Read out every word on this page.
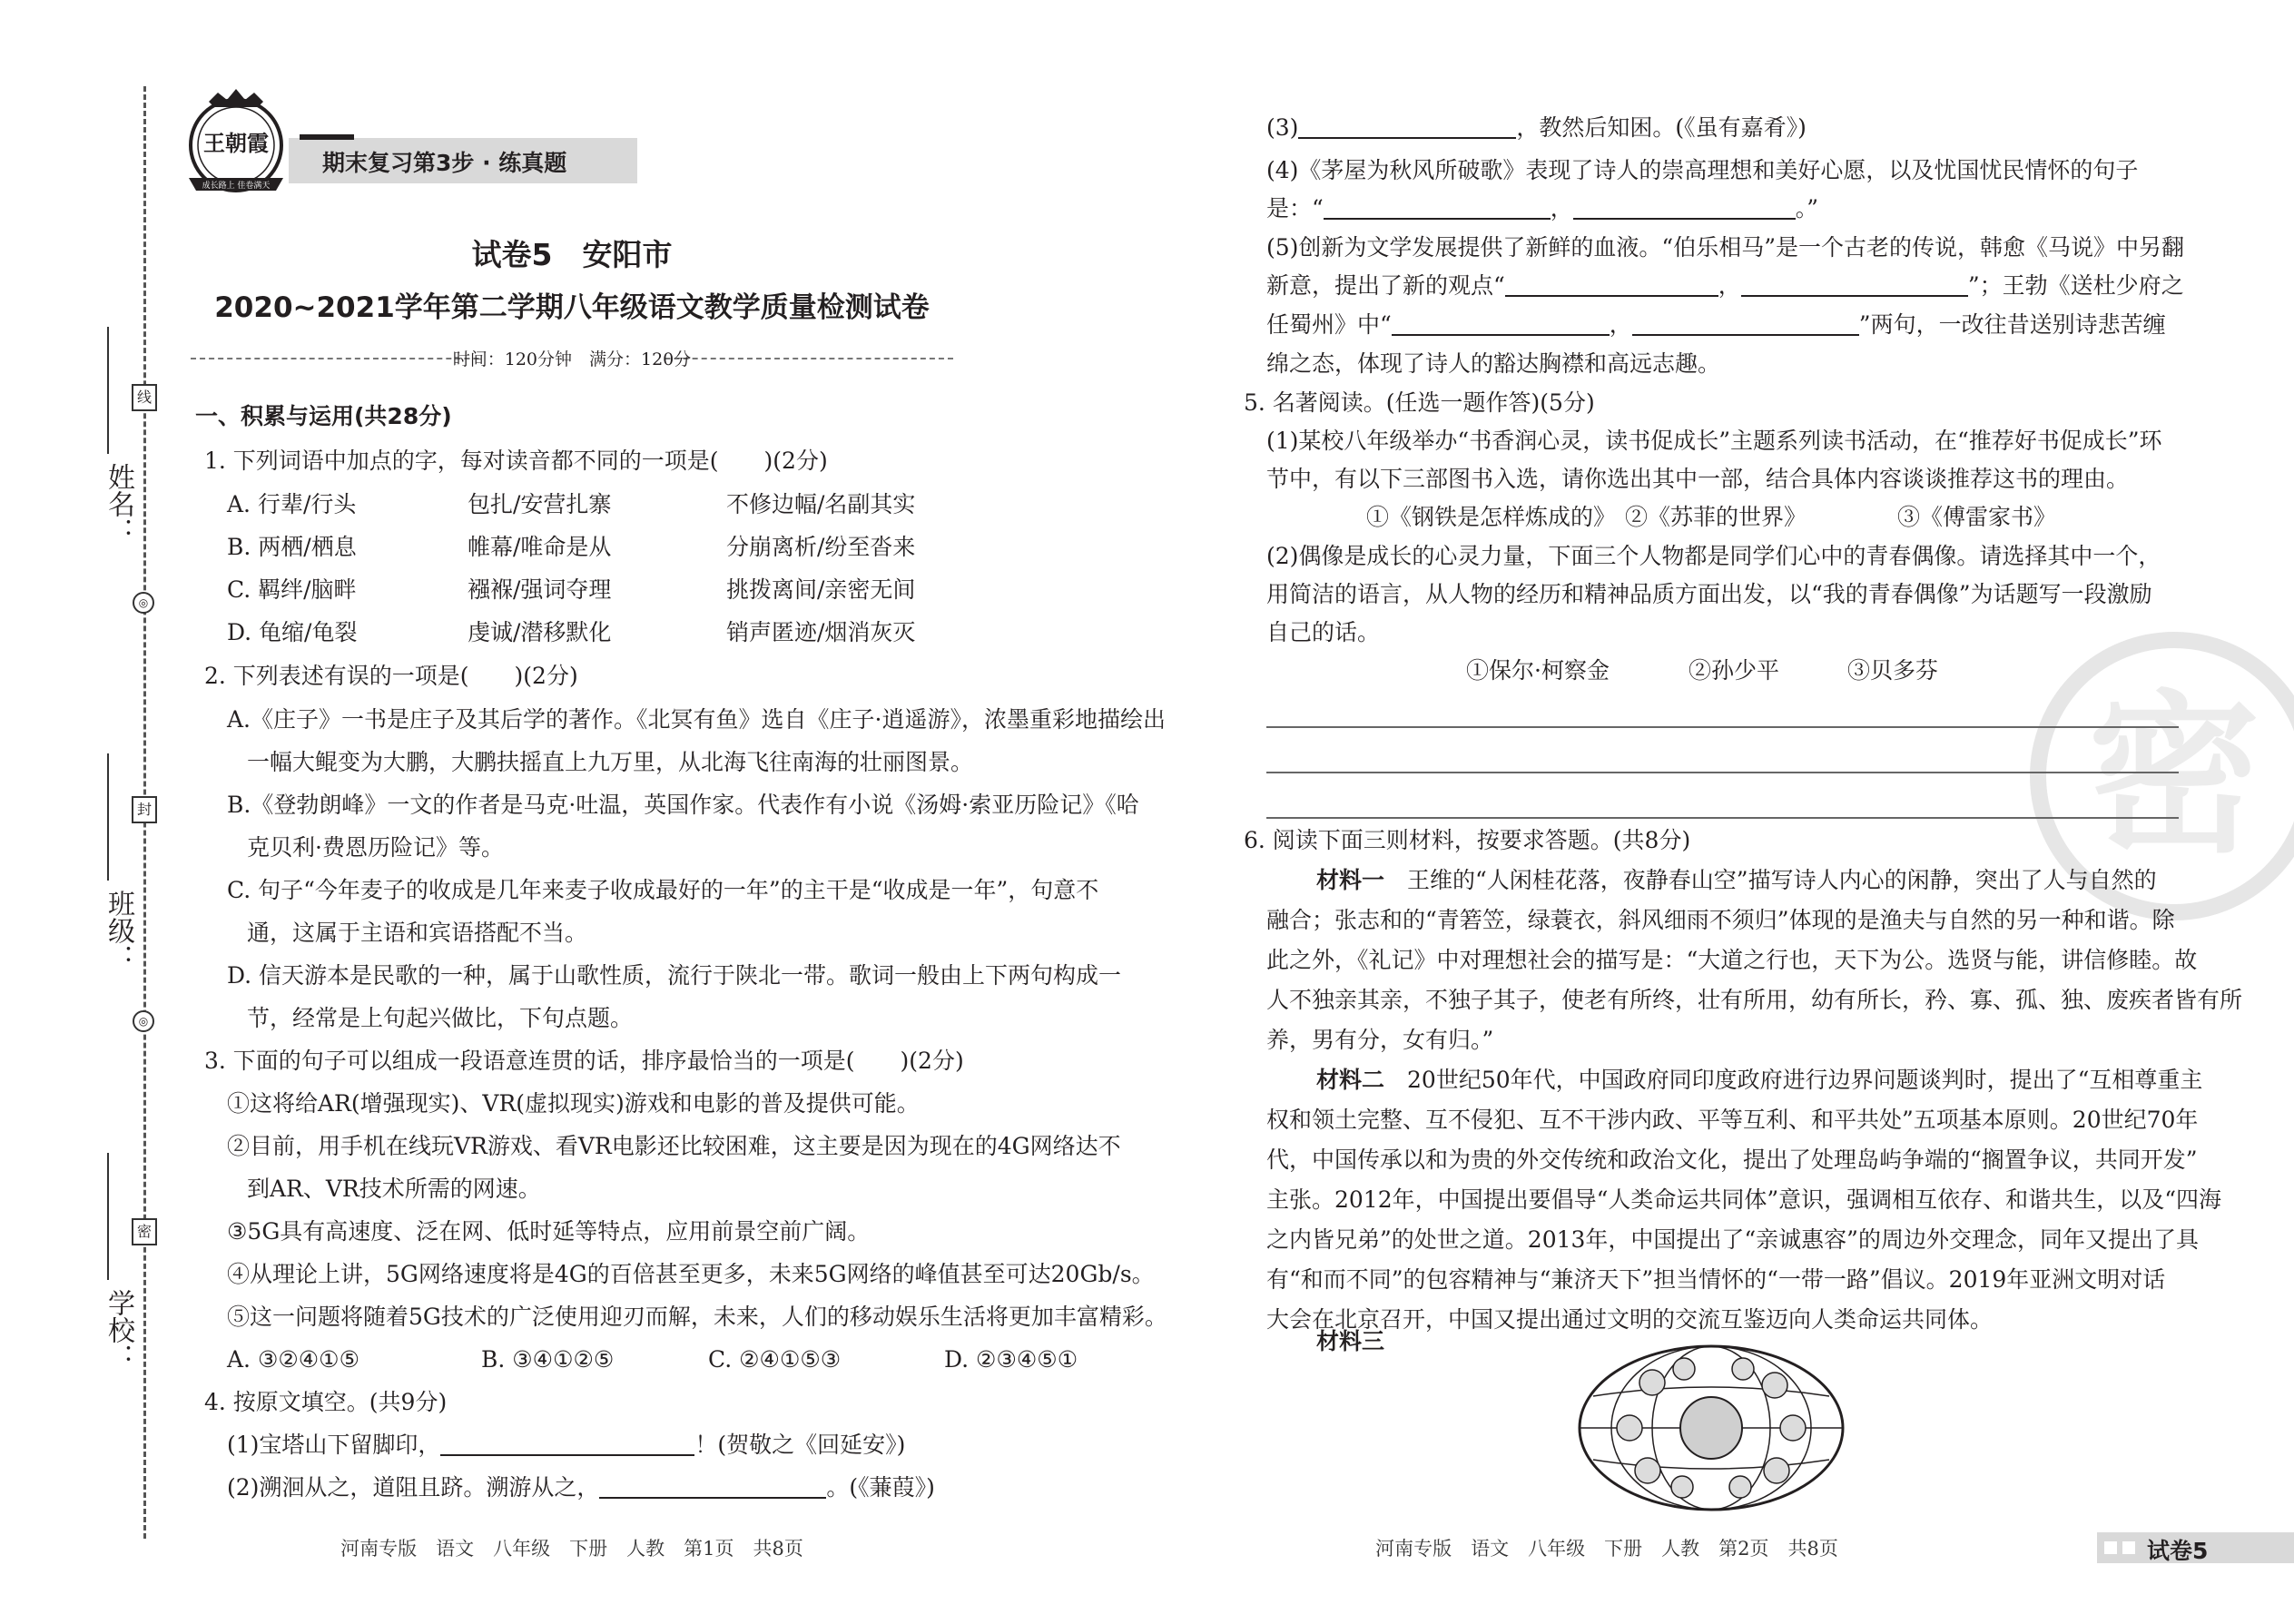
姓名：
班级：
学校：
线
封
密
◎
◎
王朝霞
成长路上 佳卷满天
期末复习第3步 · 练真题
试卷5　安阳市
2020~2021学年第二学期八年级语文教学质量检测试卷
时间：120分钟　满分：120分
一、积累与运用(共28分)
1. 下列词语中加点的字，每对读音都不同的一项是(　　)(2分)
A. 行辈/行头	包扎/安营扎寨	不修边幅/名副其实
B. 两栖/栖息	帷幕/唯命是从	分崩离析/纷至沓来
C. 羁绊/脑畔	襁褓/强词夺理	挑拨离间/亲密无间
D. 龟缩/龟裂	虔诚/潜移默化	销声匿迹/烟消灰灭
2. 下列表述有误的一项是(　　)(2分)
A.《庄子》一书是庄子及其后学的著作。《北冥有鱼》选自《庄子·逍遥游》，浓墨重彩地描绘出
一幅大鲲变为大鹏，大鹏扶摇直上九万里，从北海飞往南海的壮丽图景。
B.《登勃朗峰》一文的作者是马克·吐温，英国作家。代表作有小说《汤姆·索亚历险记》《哈
克贝利·费恩历险记》等。
C. 句子“今年麦子的收成是几年来麦子收成最好的一年”的主干是“收成是一年”，句意不
通，这属于主语和宾语搭配不当。
D. 信天游本是民歌的一种，属于山歌性质，流行于陕北一带。歌词一般由上下两句构成一
节，经常是上句起兴做比，下句点题。
3. 下面的句子可以组成一段语意连贯的话，排序最恰当的一项是(　　)(2分)
①这将给AR(增强现实)、VR(虚拟现实)游戏和电影的普及提供可能。
②目前，用手机在线玩VR游戏、看VR电影还比较困难，这主要是因为现在的4G网络达不
到AR、VR技术所需的网速。
③5G具有高速度、泛在网、低时延等特点，应用前景空前广阔。
④从理论上讲，5G网络速度将是4G的百倍甚至更多，未来5G网络的峰值甚至可达20Gb/s。
⑤这一问题将随着5G技术的广泛使用迎刃而解，未来，人们的移动娱乐生活将更加丰富精彩。
A. ③②④①⑤	B. ③④①②⑤	C. ②④①⑤③	D. ②③④⑤①
4. 按原文填空。(共9分)
(1)宝塔山下留脚印，	！(贺敬之《回延安》)
(2)溯洄从之，道阻且跻。溯游从之，	。(《蒹葭》)
河南专版　语文　八年级　下册　人教　第1页　共8页
密
(3)	，教然后知困。(《虽有嘉肴》)
(4)《茅屋为秋风所破歌》表现了诗人的崇高理想和美好心愿，以及忧国忧民情怀的句子
是：“	，	。”
(5)创新为文学发展提供了新鲜的血液。“伯乐相马”是一个古老的传说，韩愈《马说》中另翻
新意，提出了新的观点“	，	”；王勃《送杜少府之
任蜀州》中“	，	”两句，一改往昔送别诗悲苦缠
绵之态，体现了诗人的豁达胸襟和高远志趣。
5. 名著阅读。(任选一题作答)(5分)
(1)某校八年级举办“书香润心灵，读书促成长”主题系列读书活动，在“推荐好书促成长”环
节中，有以下三部图书入选，请你选出其中一部，结合具体内容谈谈推荐这书的理由。
①《钢铁是怎样炼成的》 ②《苏菲的世界》	③《傅雷家书》
(2)偶像是成长的心灵力量，下面三个人物都是同学们心中的青春偶像。请选择其中一个，
用简洁的语言，从人物的经历和精神品质方面出发，以“我的青春偶像”为话题写一段激励
自己的话。
①保尔·柯察金	②孙少平	③贝多芬
6. 阅读下面三则材料，按要求答题。(共8分)
材料一　王维的“人闲桂花落，夜静春山空”描写诗人内心的闲静，突出了人与自然的
融合；张志和的“青箬笠，绿蓑衣，斜风细雨不须归”体现的是渔夫与自然的另一种和谐。除
此之外，《礼记》中对理想社会的描写是：“大道之行也，天下为公。选贤与能，讲信修睦。故
人不独亲其亲，不独子其子，使老有所终，壮有所用，幼有所长，矜、寡、孤、独、废疾者皆有所
养，男有分，女有归。”
材料二　20世纪50年代，中国政府同印度政府进行边界问题谈判时，提出了“互相尊重主
权和领土完整、互不侵犯、互不干涉内政、平等互利、和平共处”五项基本原则。20世纪70年
代，中国传承以和为贵的外交传统和政治文化，提出了处理岛屿争端的“搁置争议，共同开发”
主张。2012年，中国提出要倡导“人类命运共同体”意识，强调相互依存、和谐共生，以及“四海
之内皆兄弟”的处世之道。2013年，中国提出了“亲诚惠容”的周边外交理念，同年又提出了具
有“和而不同”的包容精神与“兼济天下”担当情怀的“一带一路”倡议。2019年亚洲文明对话
大会在北京召开，中国又提出通过文明的交流互鉴迈向人类命运共同体。
材料三
河南专版　语文　八年级　下册　人教　第2页　共8页	试卷5
